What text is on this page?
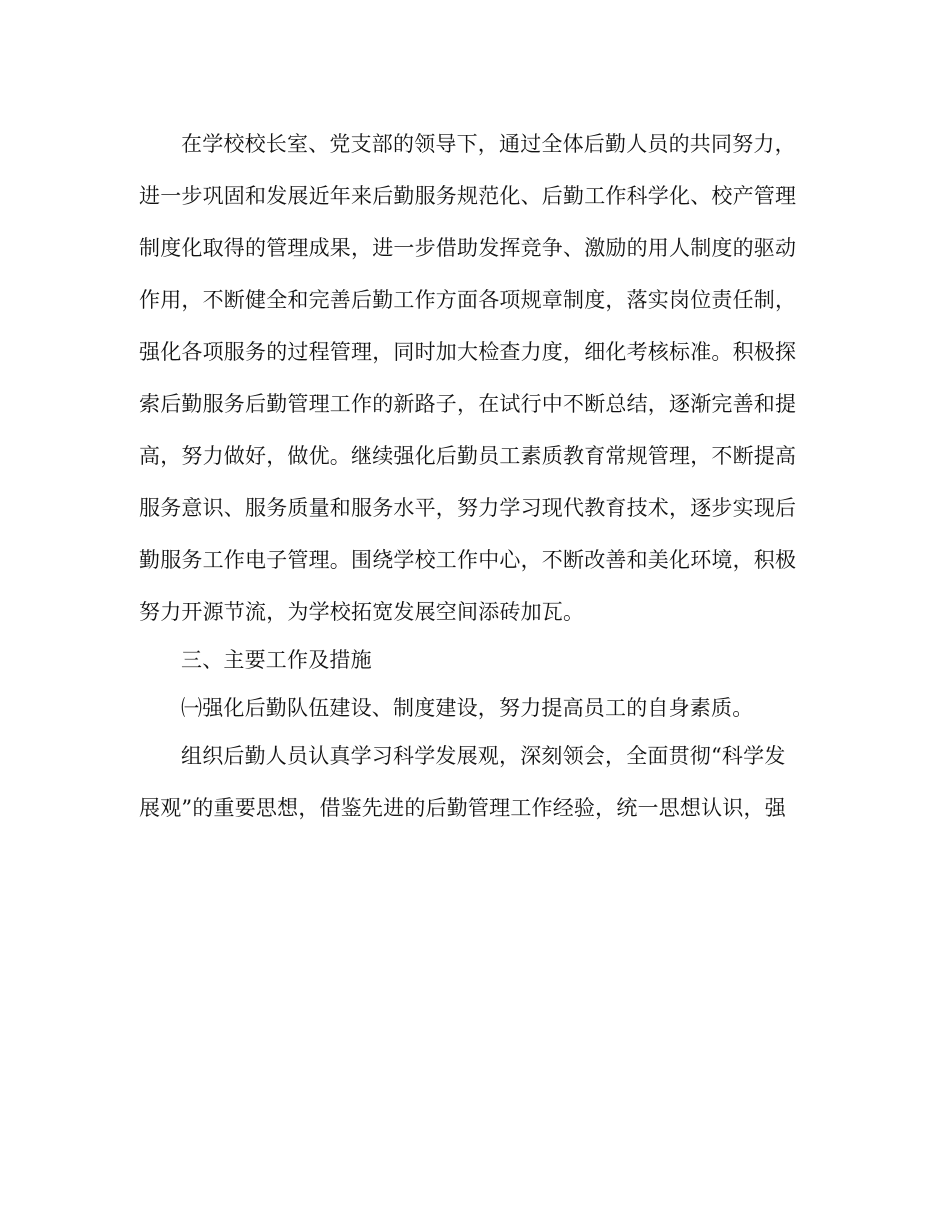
在学校校长室、党支部的领导下，通过全体后勤人员的共同努力，
进一步巩固和发展近年来后勤服务规范化、后勤工作科学化、校产管理
制度化取得的管理成果，进一步借助发挥竞争、激励的用人制度的驱动
作用，不断健全和完善后勤工作方面各项规章制度，落实岗位责任制，
强化各项服务的过程管理，同时加大检查力度，细化考核标准。积极探
索后勤服务后勤管理工作的新路子，在试行中不断总结，逐渐完善和提
高，努力做好，做优。继续强化后勤员工素质教育常规管理，不断提高
服务意识、服务质量和服务水平，努力学习现代教育技术，逐步实现后
勤服务工作电子管理。围绕学校工作中心，不断改善和美化环境，积极
努力开源节流，为学校拓宽发展空间添砖加瓦。
三、主要工作及措施
㈠强化后勤队伍建设、制度建设，努力提高员工的自身素质。
组织后勤人员认真学习科学发展观，深刻领会，全面贯彻“科学发
展观”的重要思想，借鉴先进的后勤管理工作经验，统一思想认识，强
